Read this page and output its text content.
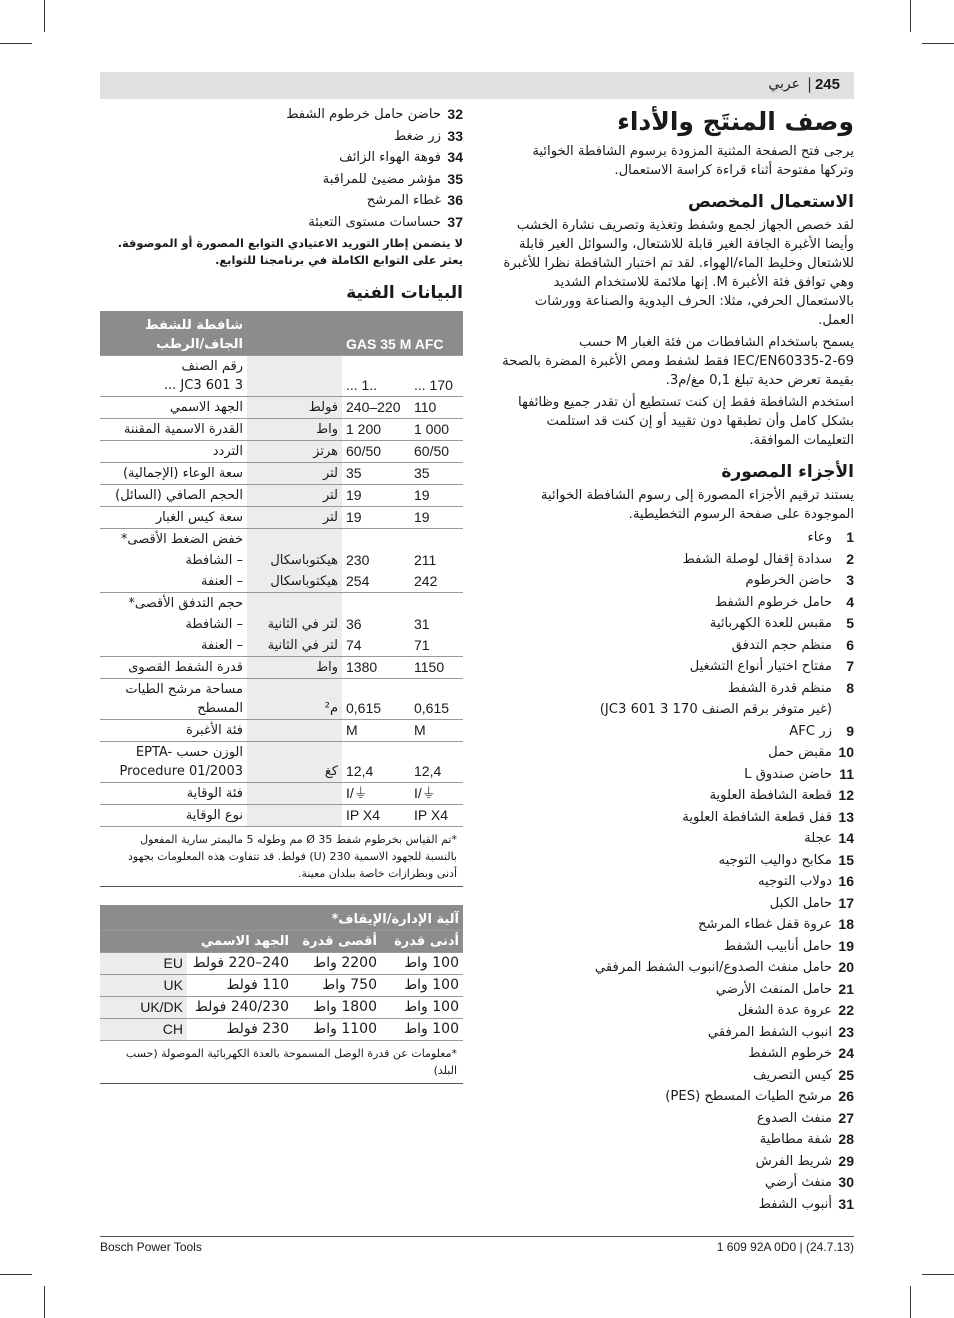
عربي | 245
وصف المنتَج والأداء
يرجى فتح الصفحة المثنية المزودة برسوم الشافطة الخوائية وتركها مفتوحة أثناء قراءة كراسة الاستعمال.
الاستعمال المخصص
لقد خصص الجهاز لجمع وشفط وتغذية وتصريف نشارة الخشب وأيضا الأغبرة الجافة الغير قابلة للاشتعال، والسوائل الغير قابلة للاشتعال وخليط الماء/الهواء. لقد تم اختبار الشافطة نظرا للأغبرة وهي توافق فئة الأغبرة M. إنها ملائمة للاستخدام الشديد بالاستعمال الحرفي، مثلا: الحرف اليدوية والصناعة وورشات العمل.
يسمح باستخدام الشافطات من فئة الغبار M حسب IEC/EN60335-2-69 فقط لشفط ومص الأغبرة المضرة بالصحة بقيمة تعرض حدية تبلغ 0,1 مغ/م3.
استخدم الشافطة فقط إن كنت تستطيع أن تقدر جميع وظائفها بشكل كامل وأن تطبقها دون تقييد أو إن كنت قد استلمت التعليمات الموافقة.
الأجزاء المصورة
يستند ترقيم الأجزاء المصورة إلى رسوم الشافطة الخوائية الموجودة على صفحة الرسوم التخطيطية.
1
وعاء
2
سدادة إقفال لوصلة الشفط
3
حاضن الخرطوم
4
حامل خرطوم الشفط
5
مقبس للعدة الكهربائية
6
منظم حجم التدفق
7
مفتاح اختيار أنواع التشغيل
8
منظم قدرة الشفط
(غير متوفر برقم الصنف 170 JC3 601 3)
9
زر AFC
10
مقبض حمل
11
حاضن صندوق L
12
قطعة الشافطة العلوية
13
قفل قطعة الشافطة العلوية
14
عجلة
15
مكابح دواليب التوجيه
16
دولاب التوجيه
17
حامل الكبل
18
عروة قفل غطاء المرشح
19
حامل أنابيب الشفط
20
حامل منفث الصدوع/انبوب الشفط المرفقي
21
حامل المنفث الأرضي
22
عروة عدة الشغل
23
انبوب الشفط المرفقي
24
خرطوم الشفط
25
كيس التصريف
26
مرشح الطيات المسطح (PES)
27
منفث الصدوع
28
شفة مطاطية
29
شريط الفرش
30
منفث أرضي
31
أنبوب الشفط
32
حاضن حامل خرطوم الشفط
33
زر ضغط
34
فوهة الهواء الزائف
35
مؤشر مضيئ للمراقبة
36
غطاء المرشح
37
حساسات مستوى التعبئة
لا يتضمن إطار التوريد الاعتيادي التوابع المصورة أو الموصوفة. يعثر على التوابع الكاملة في برنامجنا للتوابع.
البيانات الفنية
GAS 35 M AFC			شافطة للشفط الجاف/الرطب
... 170	... 1..		رقم الصنف
3 601 JC3 ...
110	240–220	فولط	الجهد الاسمي
1 000	1 200	واط	القدرة الاسمية المقننة
60/50	60/50	هرتز	التردد
35	35	لتر	سعة الوعاء (الإجمالية)
19	19	لتر	الحجم الصافي (السائل)
19	19	لتر	سعة كيس الغبار
			خفض الضغط الأقصى*
211	230	هيكتوباسكال	– الشافطة
242	254	هيكتوباسكال	– العنفة
			حجم التدفق الأقصى*
31	36	لتر في الثانية	– الشافطة
71	74	لتر في الثانية	– العنفة
1150	1380	واط	قدرة الشفط القصوى
0,615	0,615	م²	مساحة مرشح الطيات المسطح
M	M		فئة الأغبرة
12,4	12,4	كغ	الوزن حسب EPTA-Procedure 01/2003
I/⏚	I/⏚		فئة الوقاية
IP X4	IP X4		نوع الوقاية
*تم القياس بخرطوم شفط Ø 35 مم وطوله 5 ماليمتر سارية المفعول بالنسبة للجهود الاسمية 230 (U) فولط. قد تتفاوت هذه المعلومات بجهود أدنى وبطرازات خاصة ببلدان معينة.
آلية الإدارة/الإيقاف*			
أدنى قدرة	أقصى قدرة	الجهد الاسمي	
100 واط	2200 واط	240–220 فولط	EU
100 واط	750 واط	110 فولط	UK
100 واط	1800 واط	240/230 فولط	UK/DK
100 واط	1100 واط	230 فولط	CH
*معلومات عن قدرة الوصل المسموحة بالعدة الكهربائية الموصولة (حسب البلد)
Bosch Power Tools	1 609 92A 0D0 | (24.7.13)
